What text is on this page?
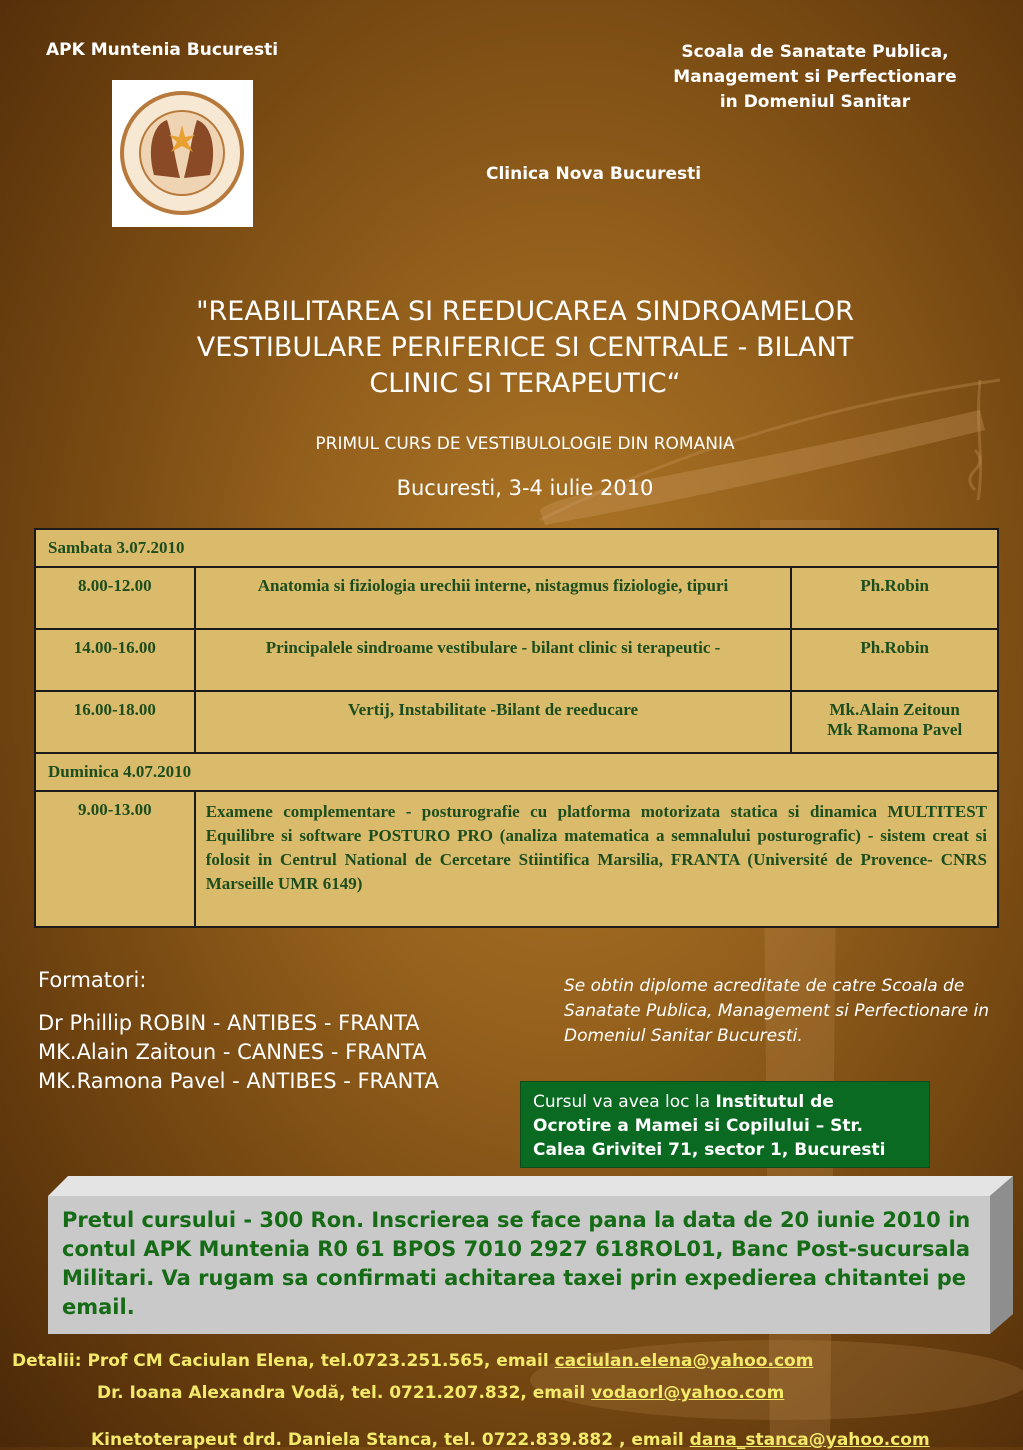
APK Muntenia Bucuresti	Scoala de Sanatate Publica,
Management si Perfectionare
in Domeniul Sanitar
Clinica Nova Bucuresti
"REABILITAREA SI REEDUCAREA SINDROAMELOR
VESTIBULARE PERIFERICE SI CENTRALE - BILANT
CLINIC SI TERAPEUTIC“
PRIMUL CURS DE VESTIBULOLOGIE DIN ROMANIA
Bucuresti, 3-4 iulie 2010
Sambata 3.07.2010		
8.00-12.00	Anatomia si fiziologia urechii interne, nistagmus fiziologie, tipuri	Ph.Robin
14.00-16.00	Principalele sindroame vestibulare - bilant clinic si terapeutic -	Ph.Robin
16.00-18.00	Vertij, Instabilitate -Bilant de reeducare	Mk.Alain Zeitoun
Mk Ramona Pavel

Duminica 4.07.2010		
9.00-13.00	Examene complementare - posturografie cu platforma motorizata statica si dinamica MULTITEST Equilibre si software POSTURO PRO (analiza matematica a semnalului posturografic) - sistem creat si folosit in Centrul National de Cercetare Stiintifica Marsilia, FRANTA (Université de Provence- CNRS Marseille UMR 6149)	
Formatori:
Dr Phillip ROBIN - ANTIBES - FRANTA
MK.Alain Zaitoun - CANNES - FRANTA
MK.Ramona Pavel - ANTIBES - FRANTA
Se obtin diplome acreditate de catre Scoala de Sanatate Publica, Management si Perfectionare in Domeniul Sanitar Bucuresti.
Cursul va avea loc la Institutul de Ocrotire a Mamei si Copilului – Str. Calea Grivitei 71, sector 1, Bucuresti
Pretul cursului - 300 Ron. Inscrierea se face pana la data de 20 iunie 2010 in contul APK Muntenia R0 61 BPOS 7010 2927 618ROL01, Banc Post-sucursala Militari. Va rugam sa confirmati achitarea taxei prin expedierea chitantei pe email.
Detalii: Prof CM Caciulan Elena, tel.0723.251.565, email caciulan.elena@yahoo.com
Dr. Ioana Alexandra Vodă, tel. 0721.207.832, email vodaorl@yahoo.com
Kinetoterapeut drd. Daniela Stanca, tel. 0722.839.882 , email dana_stanca@yahoo.com
